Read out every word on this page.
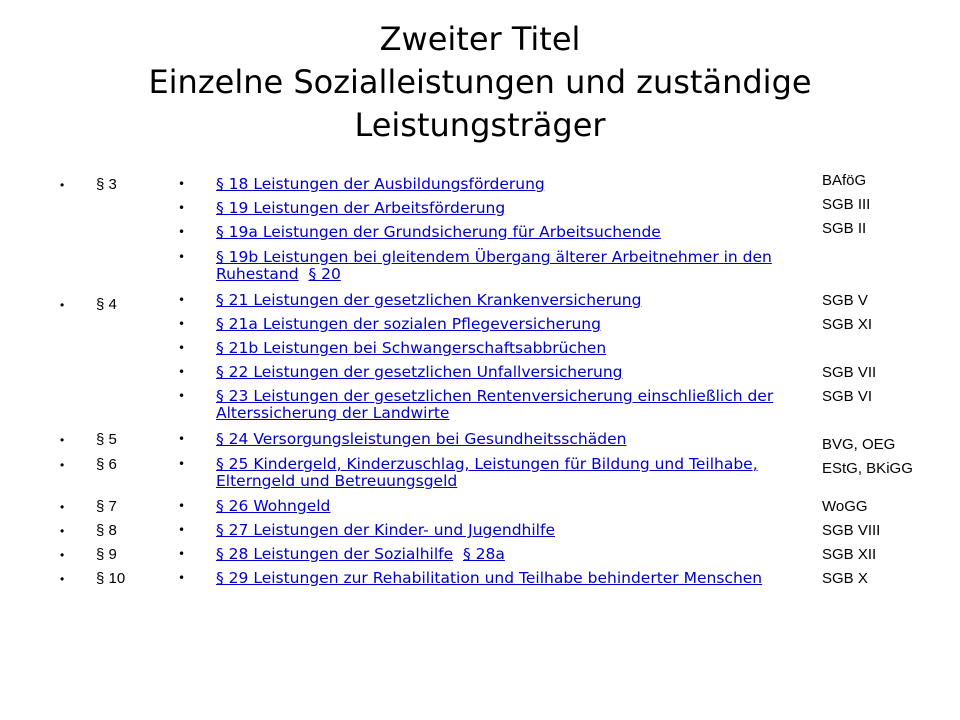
Zweiter Titel
Einzelne Sozialleistungen und zuständige
Leistungsträger
• § 3
• § 4
• § 5
• § 6
• § 7
• § 8
• § 9
• § 10
• § 18 Leistungen der Ausbildungsförderung
• § 19 Leistungen der Arbeitsförderung
• § 19a Leistungen der Grundsicherung für Arbeitsuchende
• § 19b Leistungen bei gleitendem Übergang älterer Arbeitnehmer in den
Ruhestand § 20
• § 21 Leistungen der gesetzlichen Krankenversicherung
• § 21a Leistungen der sozialen Pflegeversicherung
• § 21b Leistungen bei Schwangerschaftsabbrüchen
• § 22 Leistungen der gesetzlichen Unfallversicherung
• § 23 Leistungen der gesetzlichen Rentenversicherung einschließlich der
Alterssicherung der Landwirte
• § 24 Versorgungsleistungen bei Gesundheitsschäden
• § 25 Kindergeld, Kinderzuschlag, Leistungen für Bildung und Teilhabe,
Elterngeld und Betreuungsgeld
• § 26 Wohngeld
• § 27 Leistungen der Kinder- und Jugendhilfe
• § 28 Leistungen der Sozialhilfe § 28a
• § 29 Leistungen zur Rehabilitation und Teilhabe behinderter Menschen
BAföG
SGB III
SGB II
SGB V
SGB XI
SGB VII
SGB VI
BVG, OEG
EStG, BKiGG
WoGG
SGB VIII
SGB XII
SGB X
